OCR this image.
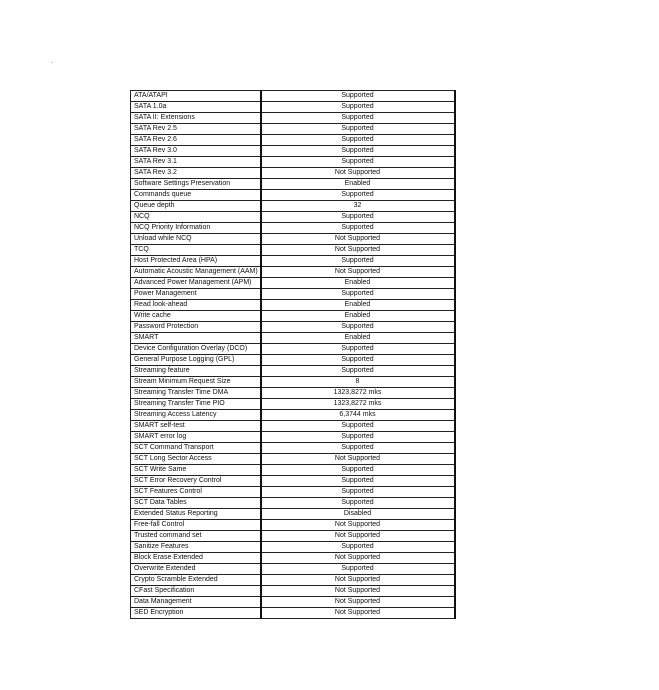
.
ATA/ATAPI	Supported
SATA 1.0a	Supported
SATA II: Extensions	Supported
SATA Rev 2.5	Supported
SATA Rev 2.6	Supported
SATA Rev 3.0	Supported
SATA Rev 3.1	Supported
SATA Rev 3.2	Not Supported
Software Settings Preservation	Enabled
Commands queue	Supported
Queue depth	32
NCQ	Supported
NCQ Priority Information	Supported
Unload while NCQ	Not Supported
TCQ	Not Supported
Host Protected Area (HPA)	Supported
Automatic Acoustic Management (AAM)	Not Supported
Advanced Power Management (APM)	Enabled
Power Management	Supported
Read look-ahead	Enabled
Write cache	Enabled
Password Protection	Supported
SMART	Enabled
Device Configuration Overlay (DCO)	Supported
General Purpose Logging (GPL)	Supported
Streaming feature	Supported
Stream Minimum Request Size	8
Streaming Transfer Time DMA	1323,8272 mks
Streaming Transfer Time PIO	1323,8272 mks
Streaming Access Latency	6,3744 mks
SMART self-test	Supported
SMART error log	Supported
SCT Command Transport	Supported
SCT Long Sector Access	Not Supported
SCT Write Same	Supported
SCT Error Recovery Control	Supported
SCT Features Control	Supported
SCT Data Tables	Supported
Extended Status Reporting	Disabled
Free-fall Control	Not Supported
Trusted command set	Not Supported
Sanitize Features	Supported
Block Erase Extended	Not Supported
Overwrite Extended	Supported
Crypto Scramble Extended	Not Supported
CFast Specification	Not Supported
Data Management	Not Supported
SED Encryption	Not Supported
